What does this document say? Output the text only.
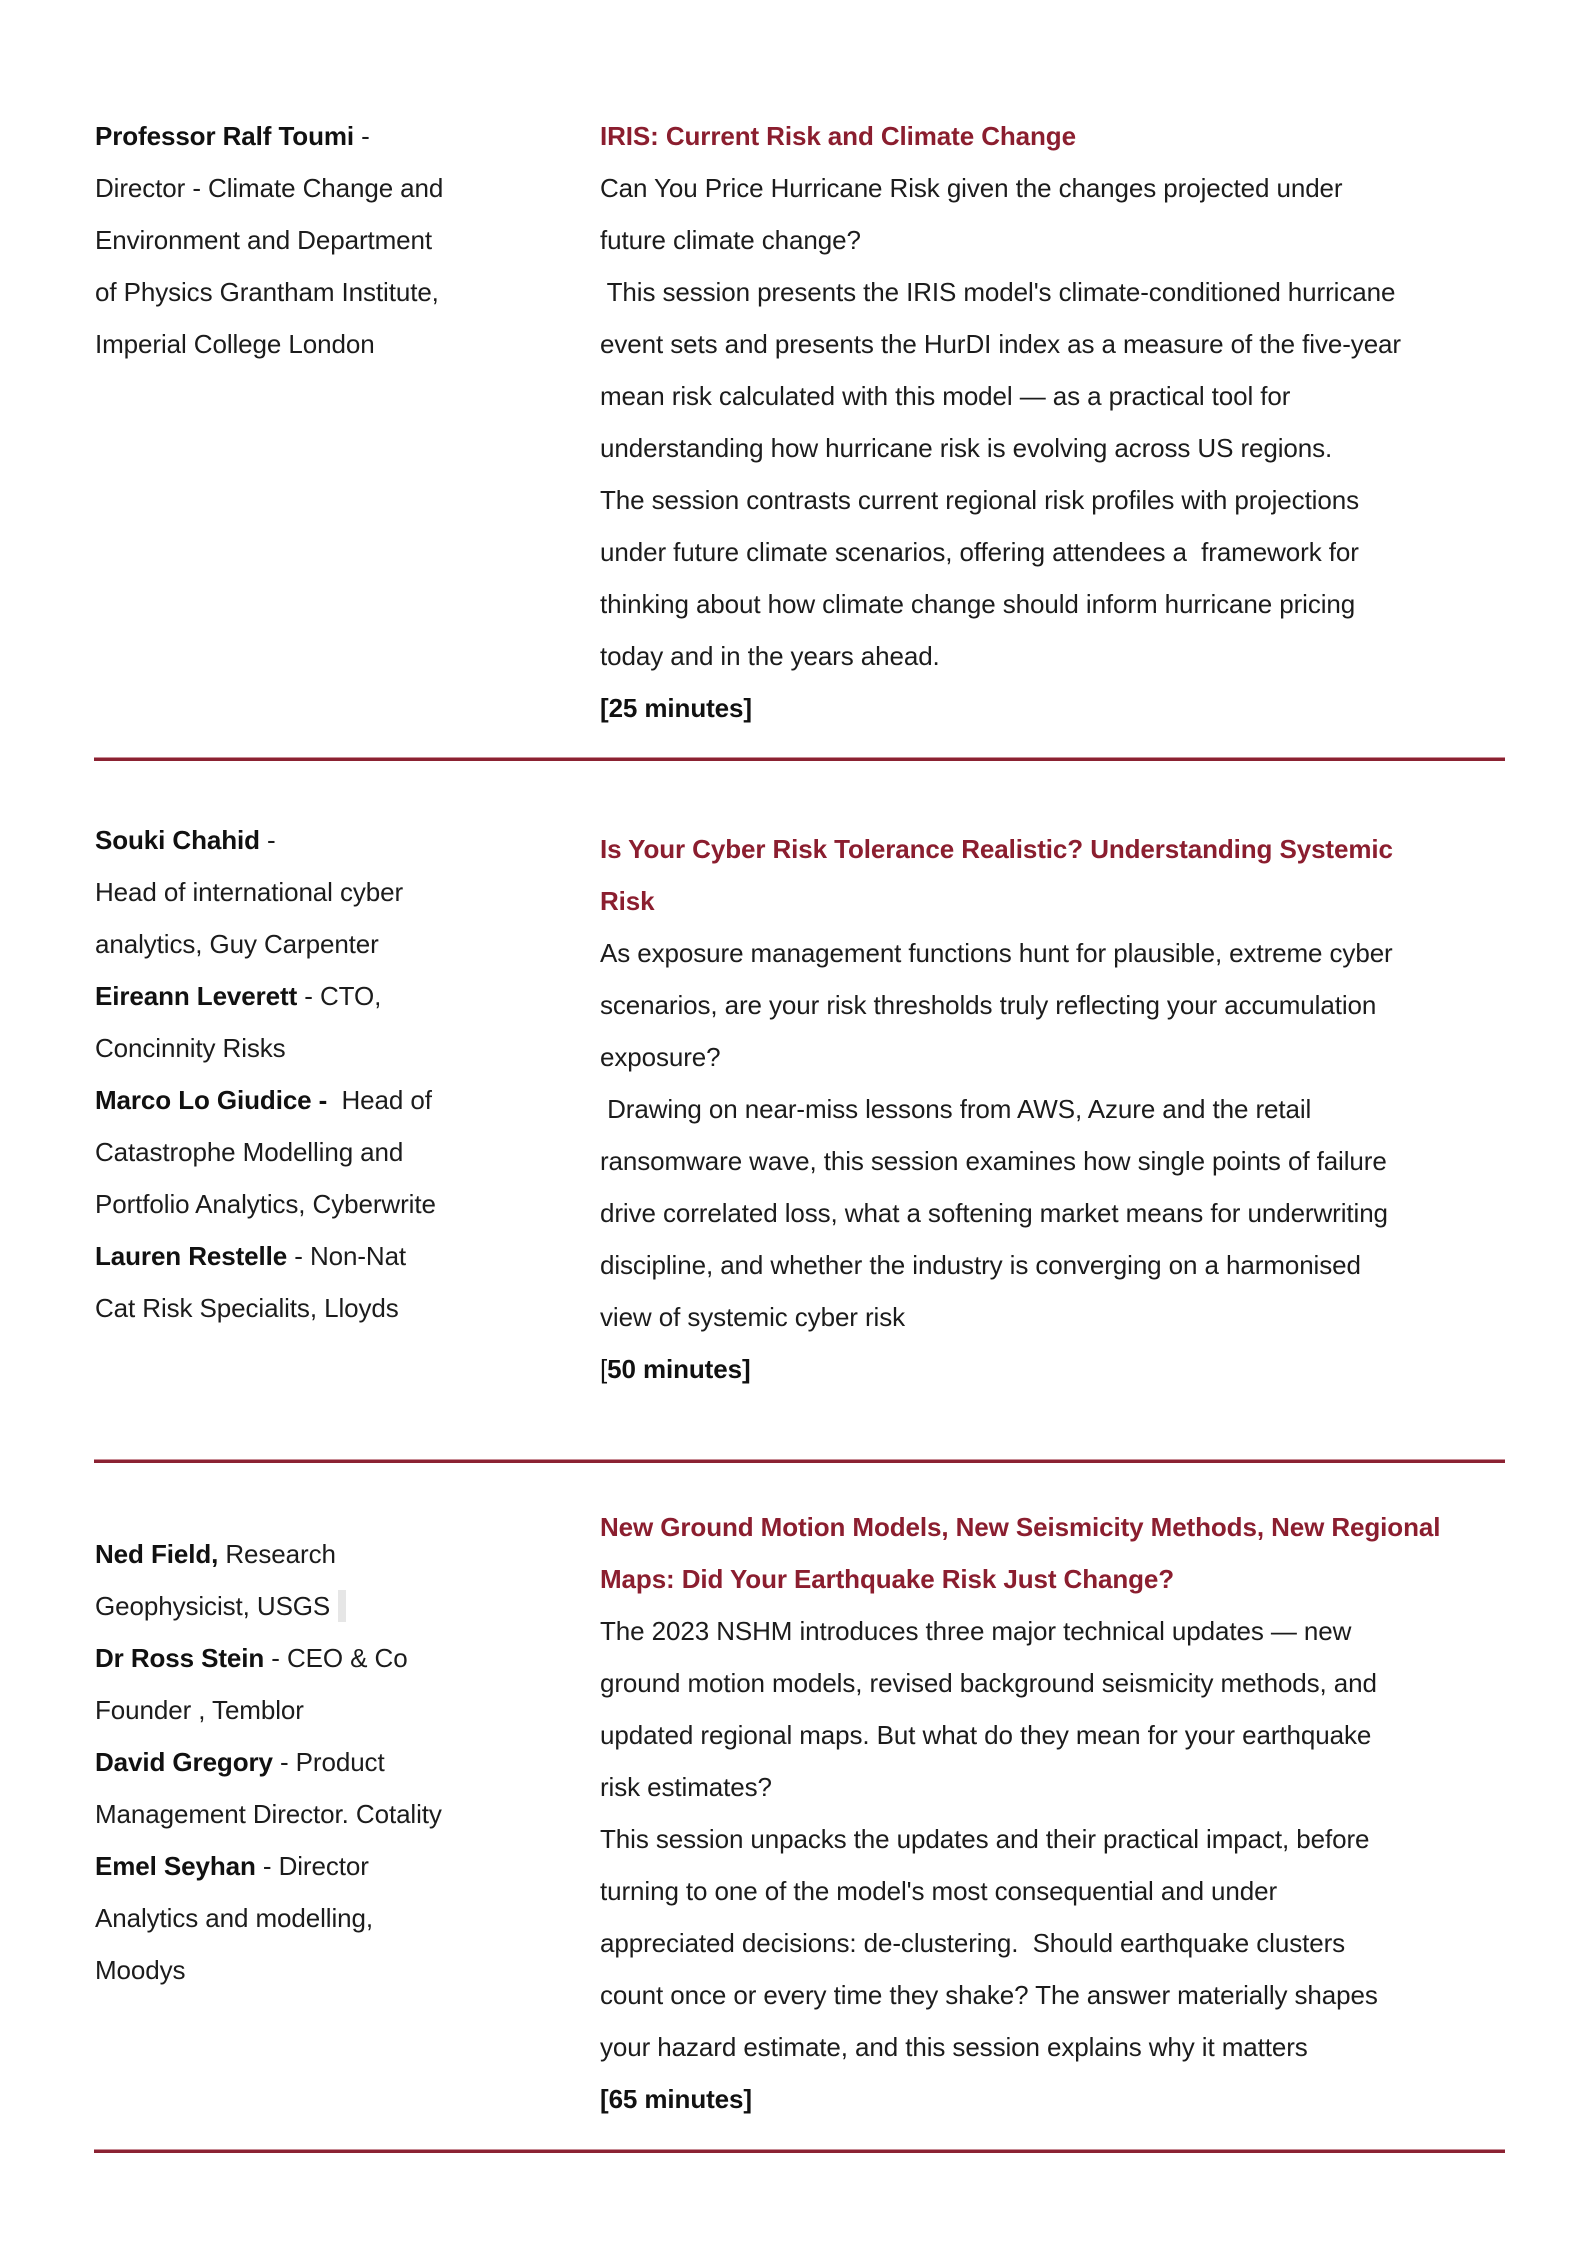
Professor Ralf Toumi -
Director - Climate Change and
Environment and Department
of Physics Grantham Institute,
Imperial College London
IRIS: Current Risk and Climate Change
Can You Price Hurricane Risk given the changes projected under
future climate change?
This session presents the IRIS model's climate-conditioned hurricane
event sets and presents the HurDI index as a measure of the five-year
mean risk calculated with this model — as a practical tool for
understanding how hurricane risk is evolving across US regions.
The session contrasts current regional risk profiles with projections
under future climate scenarios, offering attendees a  framework for
thinking about how climate change should inform hurricane pricing
today and in the years ahead.
[25 minutes]
Souki Chahid -
Head of international cyber
analytics, Guy Carpenter
Eireann Leverett - CTO,
Concinnity Risks
Marco Lo Giudice -  Head of
Catastrophe Modelling and
Portfolio Analytics, Cyberwrite
Lauren Restelle - Non-Nat
Cat Risk Specialits, Lloyds
Is Your Cyber Risk Tolerance Realistic? Understanding Systemic
Risk
As exposure management functions hunt for plausible, extreme cyber
scenarios, are your risk thresholds truly reflecting your accumulation
exposure?
Drawing on near-miss lessons from AWS, Azure and the retail
ransomware wave, this session examines how single points of failure
drive correlated loss, what a softening market means for underwriting
discipline, and whether the industry is converging on a harmonised
view of systemic cyber risk
[50 minutes]
Ned Field, Research
Geophysicist, USGS
Dr Ross Stein - CEO & Co
Founder , Temblor
David Gregory - Product
Management Director. Cotality
Emel Seyhan - Director
Analytics and modelling,
Moodys
New Ground Motion Models, New Seismicity Methods, New Regional
Maps: Did Your Earthquake Risk Just Change?
The 2023 NSHM introduces three major technical updates — new
ground motion models, revised background seismicity methods, and
updated regional maps. But what do they mean for your earthquake
risk estimates?
This session unpacks the updates and their practical impact, before
turning to one of the model's most consequential and under
appreciated decisions: de-clustering.  Should earthquake clusters
count once or every time they shake? The answer materially shapes
your hazard estimate, and this session explains why it matters
[65 minutes]
